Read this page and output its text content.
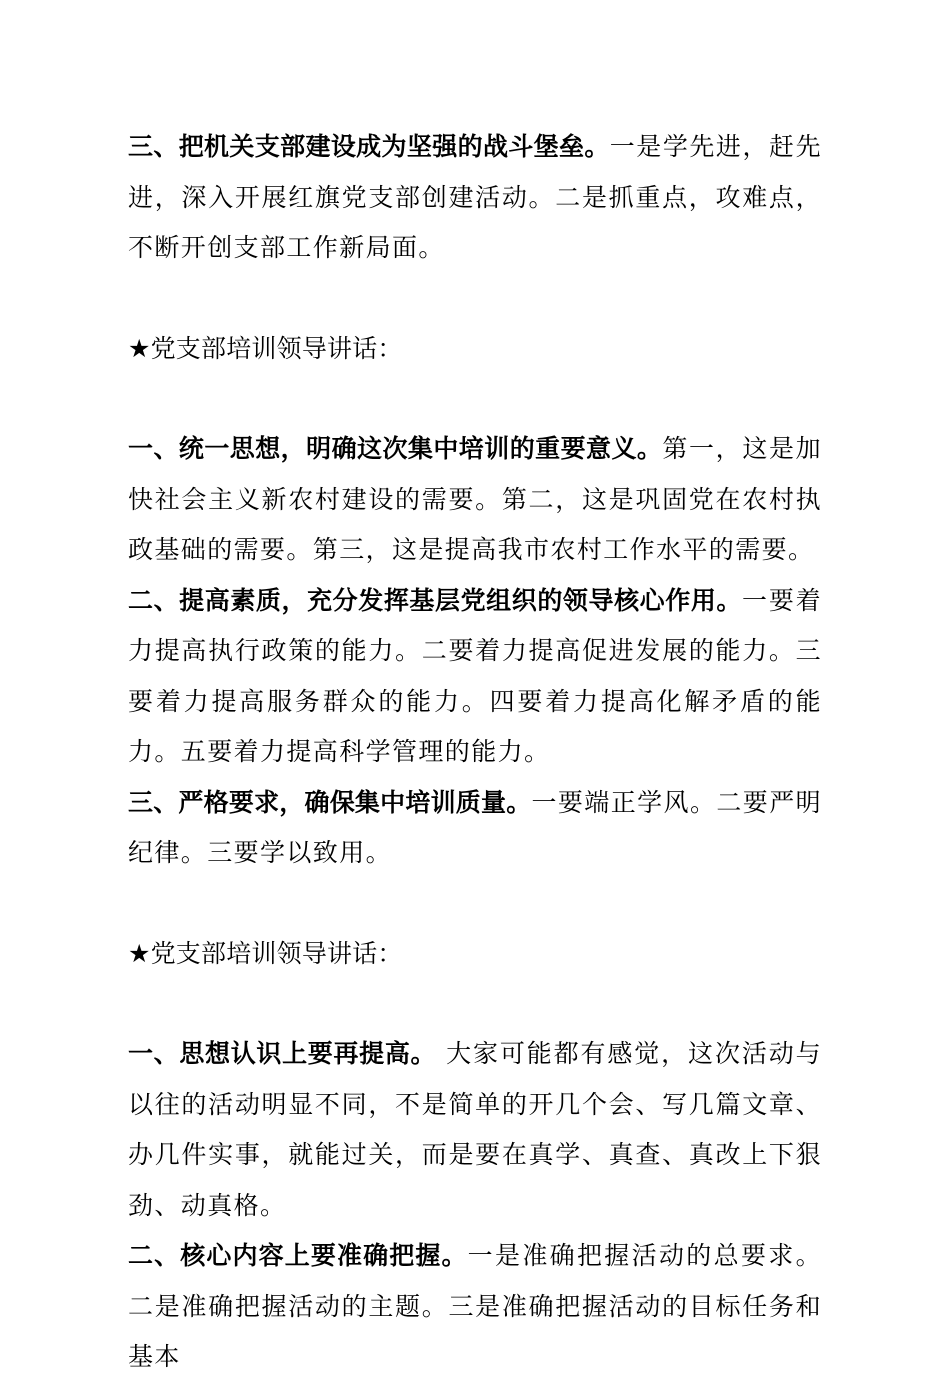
三、把机关支部建设成为坚强的战斗堡垒。一是学先进，赶先进，深入开展红旗党支部创建活动。二是抓重点，攻难点，不断开创支部工作新局面。

★党支部培训领导讲话：

一、统一思想，明确这次集中培训的重要意义。第一，这是加快社会主义新农村建设的需要。第二，这是巩固党在农村执政基础的需要。第三，这是提高我市农村工作水平的需要。

二、提高素质，充分发挥基层党组织的领导核心作用。一要着力提高执行政策的能力。二要着力提高促进发展的能力。三要着力提高服务群众的能力。四要着力提高化解矛盾的能力。五要着力提高科学管理的能力。

三、严格要求，确保集中培训质量。一要端正学风。二要严明纪律。三要学以致用。

★党支部培训领导讲话：

一、思想认识上要再提高。 大家可能都有感觉，这次活动与以往的活动明显不同，不是简单的开几个会、写几篇文章、办几件实事，就能过关，而是要在真学、真查、真改上下狠劲、动真格。

二、核心内容上要准确把握。一是准确把握活动的总要求。二是准确把握活动的主题。三是准确把握活动的目标任务和基本
